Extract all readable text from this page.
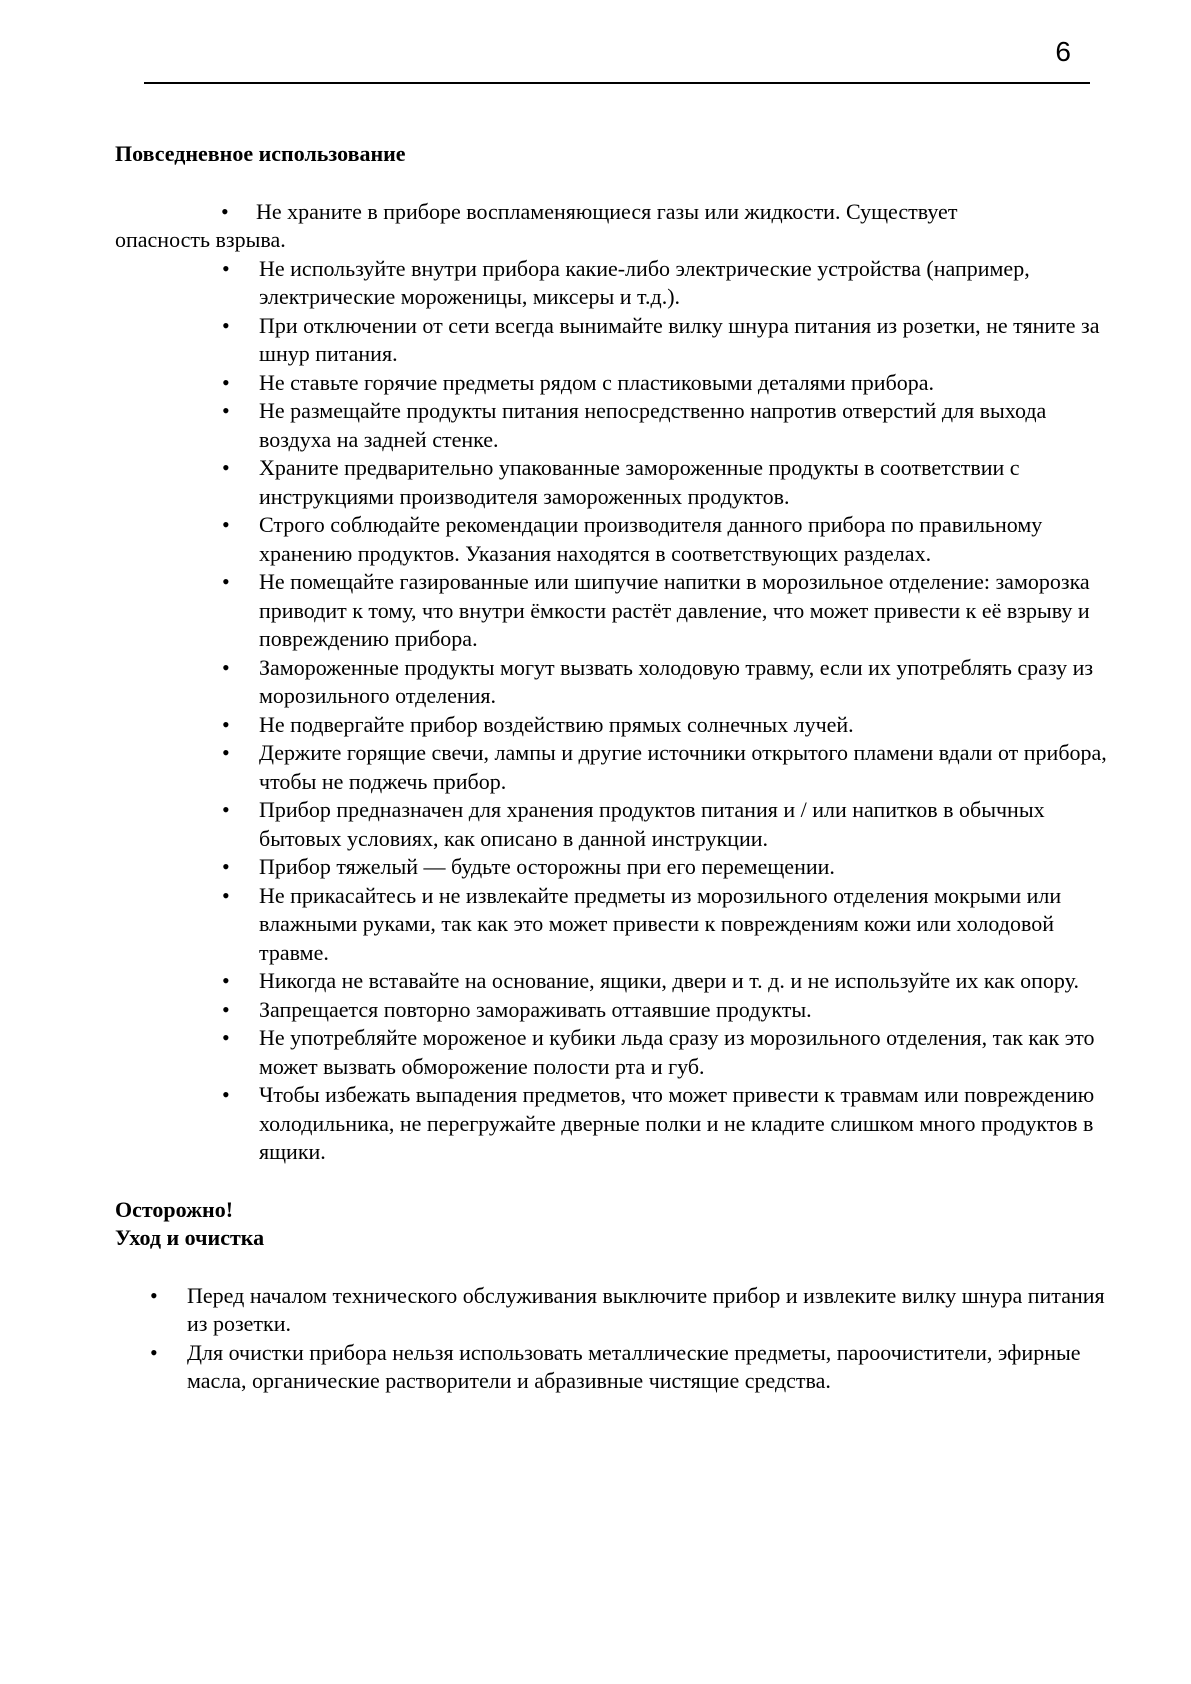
6
Повседневное использование
• Не храните в приборе воспламеняющиеся газы или жидкости. Существует
опасность взрыва.
• Не используйте внутри прибора какие-либо электрические устройства (например, электрические мороженицы, миксеры и т.д.).
• При отключении от сети всегда вынимайте вилку шнура питания из розетки, не тяните за шнур питания.
• Не ставьте горячие предметы рядом с пластиковыми деталями прибора.
• Не размещайте продукты питания непосредственно напротив отверстий для выхода воздуха на задней стенке.
• Храните предварительно упакованные замороженные продукты в соответствии с инструкциями производителя замороженных продуктов.
• Строго соблюдайте рекомендации производителя данного прибора по правильному хранению продуктов. Указания находятся в соответствующих разделах.
• Не помещайте газированные или шипучие напитки в морозильное отделение: заморозка приводит к тому, что внутри ёмкости растёт давление, что может привести к её взрыву и повреждению прибора.
• Замороженные продукты могут вызвать холодовую травму, если их употреблять сразу из морозильного отделения.
• Не подвергайте прибор воздействию прямых солнечных лучей.
• Держите горящие свечи, лампы и другие источники открытого пламени вдали от прибора, чтобы не поджечь прибор.
• Прибор предназначен для хранения продуктов питания и / или напитков в обычных бытовых условиях, как описано в данной инструкции.
• Прибор тяжелый — будьте осторожны при его перемещении.
• Не прикасайтесь и не извлекайте предметы из морозильного отделения мокрыми или влажными руками, так как это может привести к повреждениям кожи или холодовой травме.
• Никогда не вставайте на основание, ящики, двери и т. д. и не используйте их как опору.
• Запрещается повторно замораживать оттаявшие продукты.
• Не употребляйте мороженое и кубики льда сразу из морозильного отделения, так как это может вызвать обморожение полости рта и губ.
• Чтобы избежать выпадения предметов, что может привести к травмам или повреждению холодильника, не перегружайте дверные полки и не кладите слишком много продуктов в ящики.
Осторожно!
Уход и очистка
• Перед началом технического обслуживания выключите прибор и извлеките вилку шнура питания из розетки.
• Для очистки прибора нельзя использовать металлические предметы, пароочистители, эфирные масла, органические растворители и абразивные чистящие средства.
